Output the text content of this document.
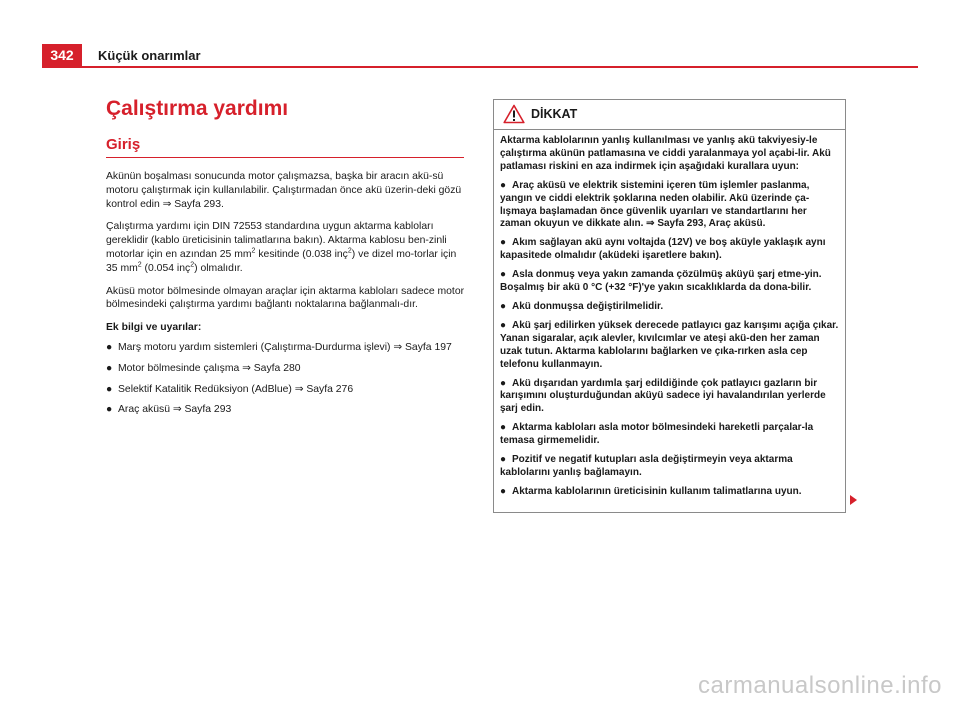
342	Küçük onarımlar
Çalıştırma yardımı
Giriş

Akünün boşalması sonucunda motor çalışmazsa, başka bir aracın akü-sü motoru çalıştırmak için kullanılabilir. Çalıştırmadan önce akü üzerin-deki gözü kontrol edin ⇒ Sayfa 293.

Çalıştırma yardımı için DIN 72553 standardına uygun aktarma kabloları gereklidir (kablo üreticisinin talimatlarına bakın). Aktarma kablosu ben-zinli motorlar için en azından 25 $mm^2$ kesitinde (0.038 inç$^2$) ve dizel mo-torlar için 35 $mm^2$ (0.054 inç$^2$) olmalıdır.

Aküsü motor bölmesinde olmayan araçlar için aktarma kabloları sadece motor bölmesindeki çalıştırma yardımı bağlantı noktalarına bağlanmalı-dır.

Ek bilgi ve uyarılar:

● Marş motoru yardım sistemleri (Çalıştırma-Durdurma işlevi) ⇒ Sayfa 197

● Motor bölmesinde çalışma ⇒ Sayfa 280

● Selektif Katalitik Redüksiyon (AdBlue) ⇒ Sayfa 276

● Araç aküsü ⇒ Sayfa 293

DİKKAT

Aktarma kablolarının yanlış kullanılması ve yanlış akü takviyesiy-le çalıştırma akünün patlamasına ve ciddi yaralanmaya yol açabi-lir. Akü patlaması riskini en aza indirmek için aşağıdaki kurallara uyun:

● Araç aküsü ve elektrik sistemini içeren tüm işlemler paslanma, yangın ve ciddi elektrik şoklarına neden olabilir. Akü üzerinde ça-lışmaya başlamadan önce güvenlik uyarıları ve standartlarını her zaman okuyun ve dikkate alın. ⇒ Sayfa 293, Araç aküsü.

● Akım sağlayan akü aynı voltajda (12V) ve boş aküyle yaklaşık aynı kapasitede olmalıdır (aküdeki işaretlere bakın).

● Asla donmuş veya yakın zamanda çözülmüş aküyü şarj etme-yin. Boşalmış bir akü 0 °C (+32 °F)'ye yakın sıcaklıklarda da dona-bilir.

● Akü donmuşsa değiştirilmelidir.

● Akü şarj edilirken yüksek derecede patlayıcı gaz karışımı açığa çıkar. Yanan sigaralar, açık alevler, kıvılcımlar ve ateşi akü-den her zaman uzak tutun. Aktarma kablolarını bağlarken ve çıka-rırken asla cep telefonu kullanmayın.

● Akü dışarıdan yardımla şarj edildiğinde çok patlayıcı gazların bir karışımını oluşturduğundan aküyü sadece iyi havalandırılan yerlerde şarj edin.

● Aktarma kabloları asla motor bölmesindeki hareketli parçalar-la temasa girmemelidir.

● Pozitif ve negatif kutupları asla değiştirmeyin veya aktarma kablolarını yanlış bağlamayın.

● Aktarma kablolarının üreticisinin kullanım talimatlarına uyun.

carmanualsonline.info
